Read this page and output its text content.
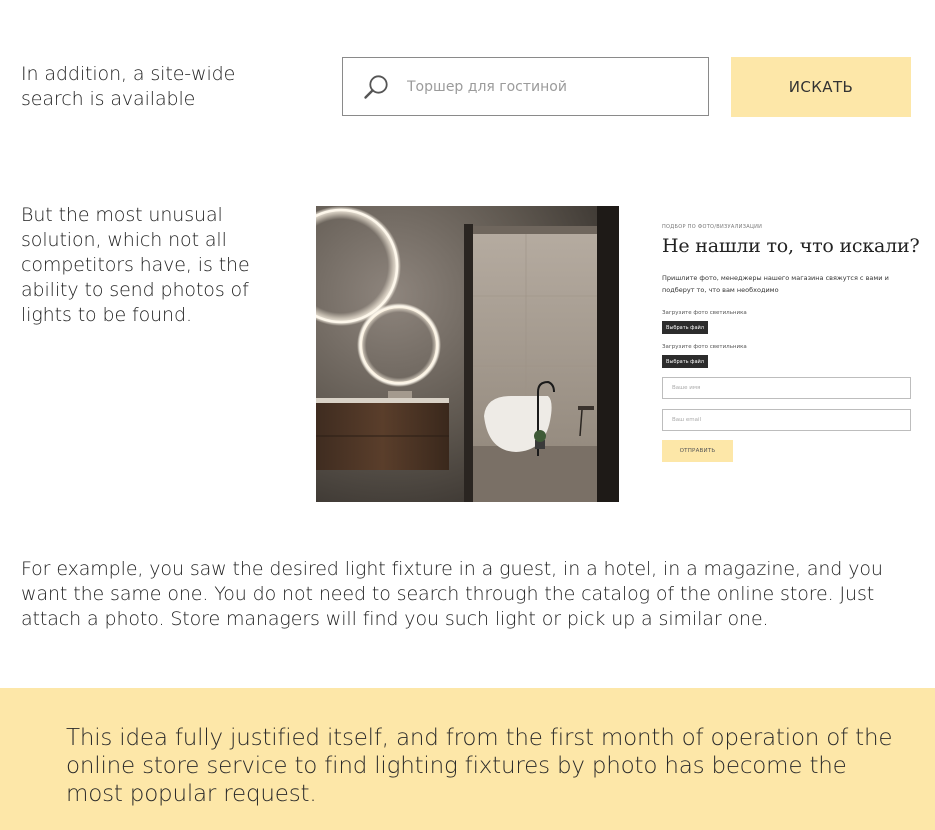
In addition, a site-wide search is available
Торшер для гостиной
ИСКАТЬ
But the most unusual solution, which not all competitors have, is the ability to send photos of lights to be found.
ПОДБОР ПО ФОТО/ВИЗУАЛИЗАЦИИ
Не нашли то, что искали?
Пришлите фото, менеджеры нашего магазина свяжутся с вами и подберут то, что вам необходимо
Загрузите фото светильника
Выбрать файл
Загрузите фото светильника
Выбрать файл
Ваше имя
Ваш email
ОТПРАВИТЬ
For example, you saw the desired light fixture in a guest, in a hotel, in a magazine, and you want the same one. You do not need to search through the catalog of the online store. Just attach a photo. Store managers will find you such light or pick up a similar one.
This idea fully justified itself, and from the first month of operation of the online store service to find lighting fixtures by photo has become the most popular request.
